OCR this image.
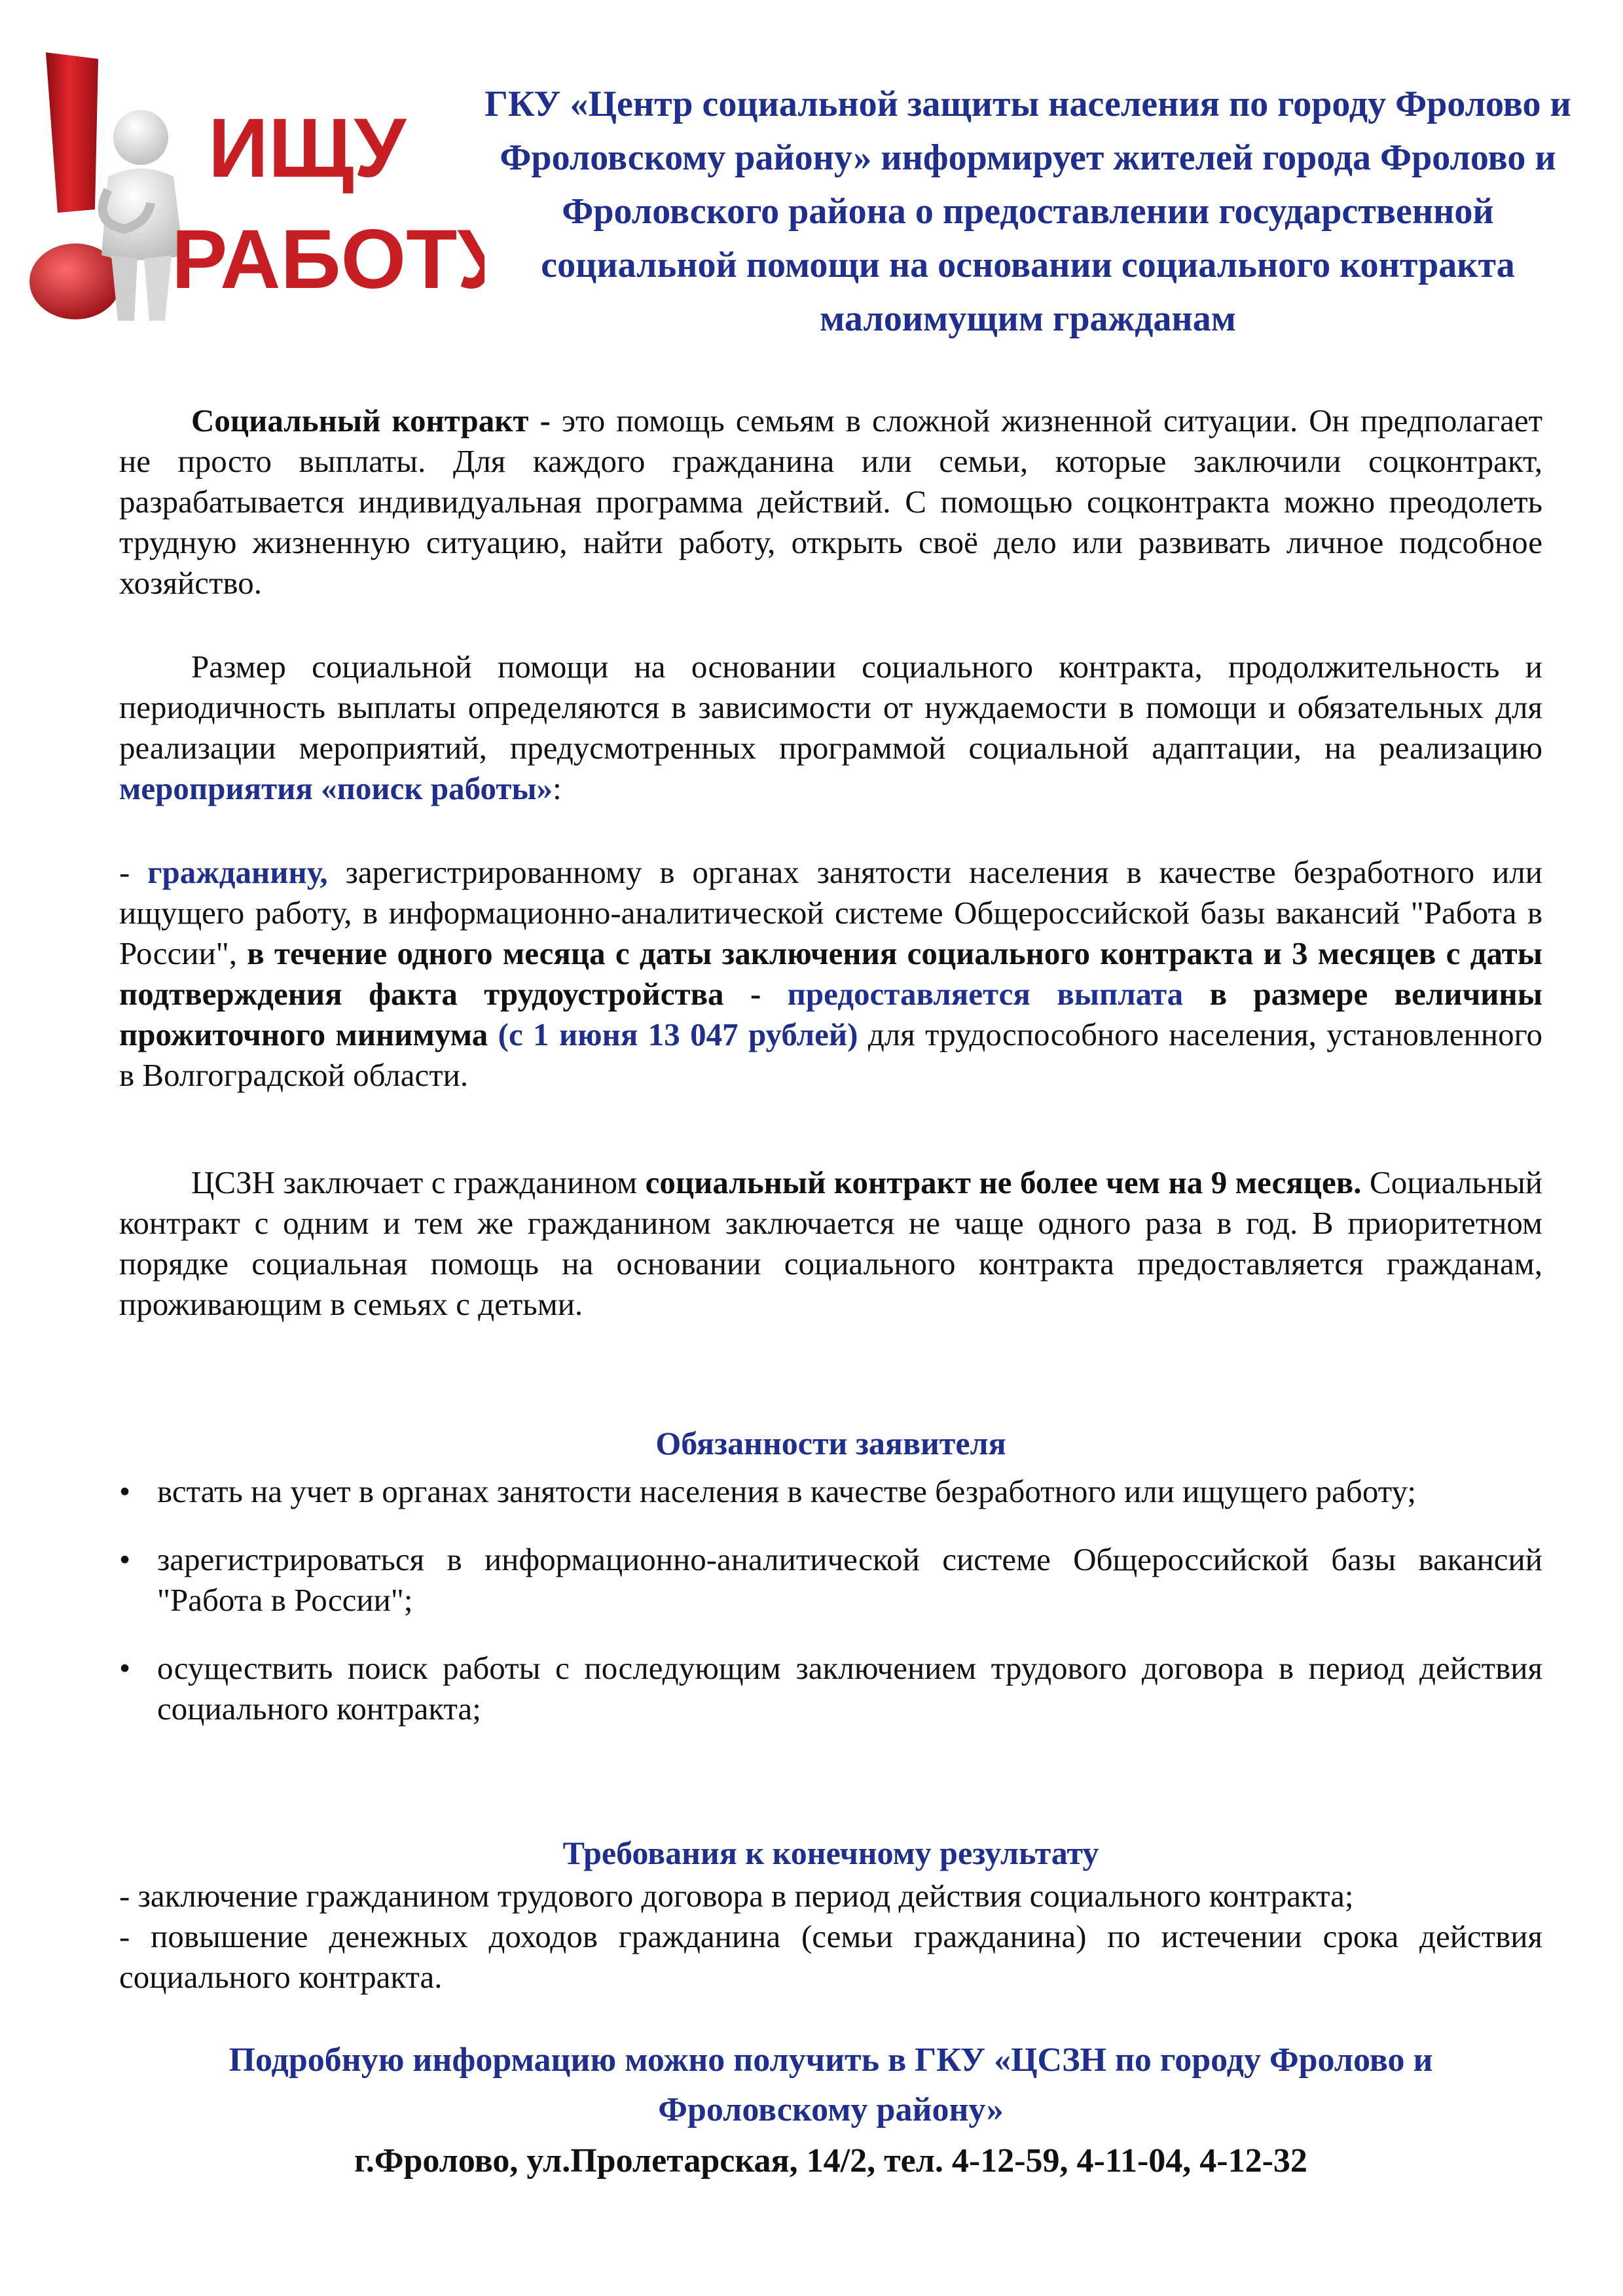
ИЩУ
РАБОТУ
ГКУ «Центр социальной защиты населения по городу Фролово и Фроловскому району» информирует жителей города Фролово и Фроловского района о предоставлении государственной социальной помощи на основании социального контракта малоимущим гражданам

Социальный контракт - это помощь семьям в сложной жизненной ситуации. Он предполагает не просто выплаты. Для каждого гражданина или семьи, которые заключили соцконтракт, разрабатывается индивидуальная программа действий. С помощью соцконтракта можно преодолеть трудную жизненную ситуацию, найти работу, открыть своё дело или развивать личное подсобное хозяйство.

Размер социальной помощи на основании социального контракта, продолжительность и периодичность выплаты определяются в зависимости от нуждаемости в помощи и обязательных для реализации мероприятий, предусмотренных программой социальной адаптации, на реализацию мероприятия «поиск работы»:

- гражданину, зарегистрированному в органах занятости населения в качестве безработного или ищущего работу, в информационно-аналитической системе Общероссийской базы вакансий "Работа в России", в течение одного месяца с даты заключения социального контракта и 3 месяцев с даты подтверждения факта трудоустройства - предоставляется выплата в размере величины прожиточного минимума (с 1 июня 13 047 рублей) для трудоспособного населения, установленного в Волгоградской области.

ЦСЗН заключает с гражданином социальный контракт не более чем на 9 месяцев. Социальный контракт с одним и тем же гражданином заключается не чаще одного раза в год. В приоритетном порядке социальная помощь на основании социального контракта предоставляется гражданам, проживающим в семьях с детьми.

Обязанности заявителя

• встать на учет в органах занятости населения в качестве безработного или ищущего работу;
• зарегистрироваться в информационно-аналитической системе Общероссийской базы вакансий "Работа в России";
• осуществить поиск работы с последующим заключением трудового договора в период действия социального контракта;

Требования к конечному результату

- заключение гражданином трудового договора в период действия социального контракта;

- повышение денежных доходов гражданина (семьи гражданина) по истечении срока действия социального контракта.

Подробную информацию можно получить в ГКУ «ЦСЗН по городу Фролово и Фроловскому району»

г.Фролово, ул.Пролетарская, 14/2, тел. 4-12-59, 4-11-04, 4-12-32
